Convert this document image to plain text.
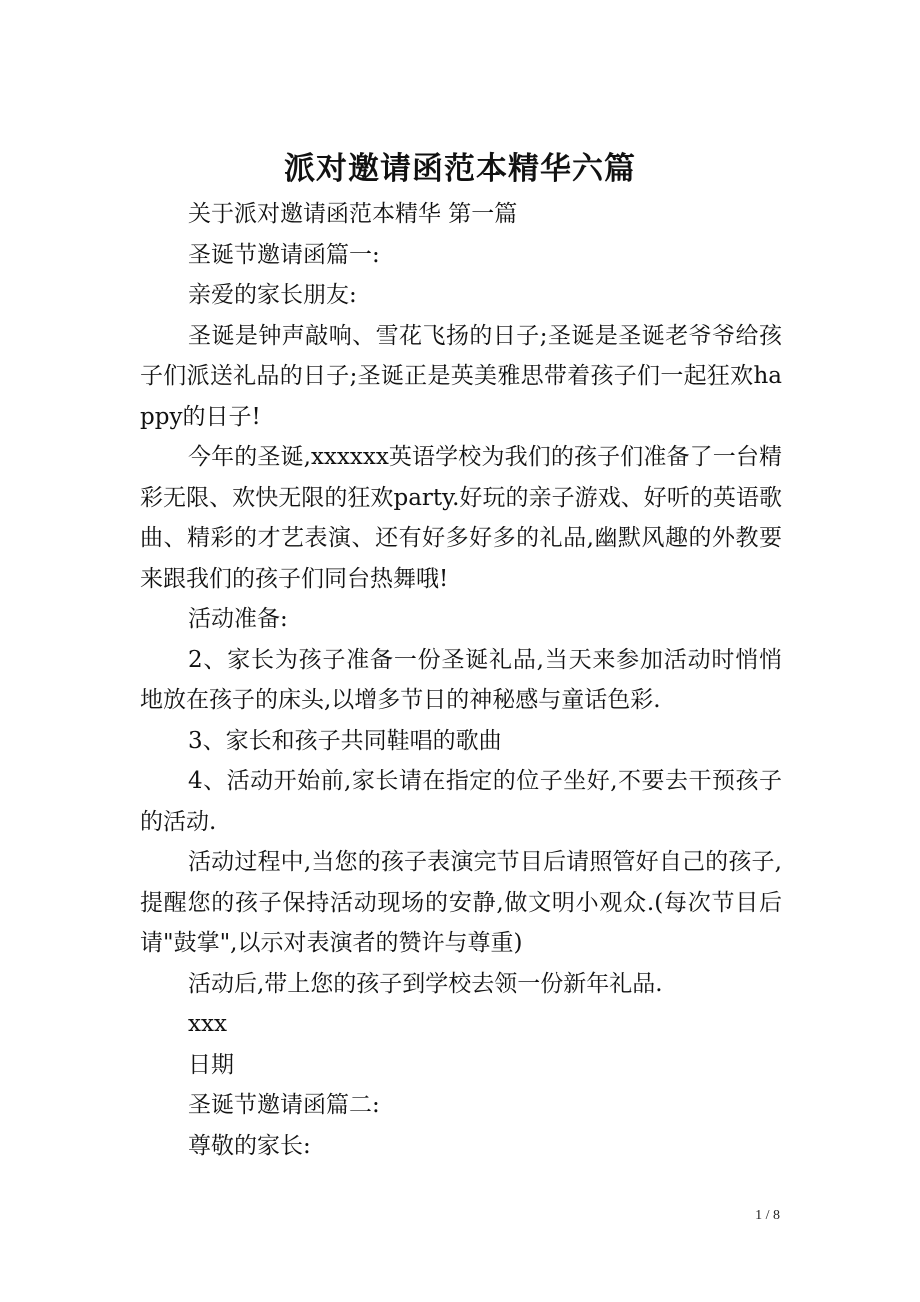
派对邀请函范本精华六篇

关于派对邀请函范本精华 第一篇

圣诞节邀请函篇一:

亲爱的家长朋友:

圣诞是钟声敲响、雪花飞扬的日子;圣诞是圣诞老爷爷给孩子们派送礼品的日子;圣诞正是英美雅思带着孩子们一起狂欢happy的日子!

今年的圣诞,xxxxxx英语学校为我们的孩子们准备了一台精彩无限、欢快无限的狂欢party.好玩的亲子游戏、好听的英语歌曲、精彩的才艺表演、还有好多好多的礼品,幽默风趣的外教要来跟我们的孩子们同台热舞哦!

活动准备:

2、家长为孩子准备一份圣诞礼品,当天来参加活动时悄悄地放在孩子的床头,以增多节日的神秘感与童话色彩.

3、家长和孩子共同鞋唱的歌曲

4、活动开始前,家长请在指定的位子坐好,不要去干预孩子的活动.

活动过程中,当您的孩子表演完节目后请照管好自己的孩子,提醒您的孩子保持活动现场的安静,做文明小观众.(每次节目后请"鼓掌",以示对表演者的赞许与尊重)

活动后,带上您的孩子到学校去领一份新年礼品.

xxx

日期

圣诞节邀请函篇二:

尊敬的家长:

1 / 8
